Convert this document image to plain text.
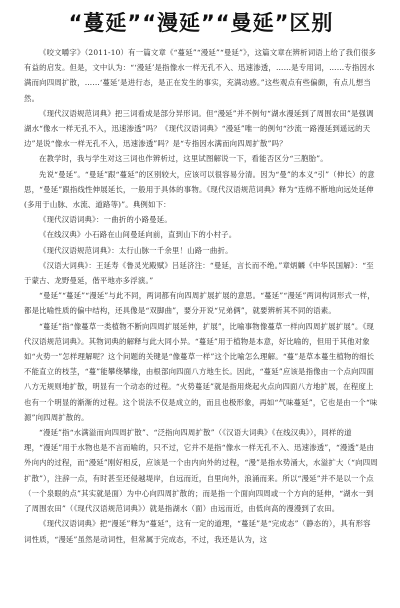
“蔓延”“漫延”“曼延”区别

《咬文嚼字》（2011-10）有一篇文章《“蔓延”“漫延”“曼延”》，这篇文章在辨析词语上给了我们很多有益的启发。但是，文中认为：“‘漫延’是指像水一样无孔不入、迅速渗透，……是专用词，……专指因水满而向四周扩散，……‘蔓延’是进行态，是正在发生的事实，充满动感。”这些观点有些偏颇，有点儿想当然。

《现代汉语规范词典》把三词看成是部分异形词。但“漫延”并不例句“湖水漫延到了周围农田”是强调湖水“像水一样无孔不入，迅速渗透”吗？《现代汉语词典》“漫延”唯一的例句“沙流一路漫延到遥远的天边”是说“像水一样无孔不入，迅速渗透”吗？是“专指因水满而向四周扩散”吗？

在教学时，我与学生对这三词也作辨析过，这里试图解说一下，看能否区分“三胞胎”。

先说“曼延”。“曼延”跟“蔓延”的区别较大，应该可以很容易分清。因为“曼”的本义“引”（伸长）的意思，“曼延”跟指线性伸展延长，一般用于具体的事物。《现代汉语规范词典》释为“连绵不断地向远处延伸(多用于山脉、水流、道路等)”。典例如下：

《现代汉语词典》：一曲折的小路曼延。

《在线汉典》小石路在山间曼延向前，直到山下的小村子。

《现代汉语规范词典》：太行山脉一千余里！山路一曲折。

《汉语大词典》：王延寿《鲁灵光殿赋》吕延济注：“曼延，言长而不绝。”章炳麟《中华民国解》：“至于蒙古、龙野曼延，偕平地亦多浮演。”

“曼延”“蔓延”“漫延”与此不同，两词都有向四周扩展扩展的意思。“蔓延”“漫延”两词构词形式一样，都是比喻性质的偏中结构，还具像是“双脚曲”，要分开说“兄弟俩”，就要辨析其不同的语素。

“蔓延”指“像蔓草一类植物不断向四周扩展延伸，扩展”，比喻事物像蔓草一样向四周扩展扩展”。《现代汉语规范词典》。其物词典的解释与此大同小异。“蔓延”用于植物是本意，好比喻的，但用于其他对象如“火势一”怎样理解呢？这个问题的关键是“像蔓草一样”这个比喻怎么理解。“蔓”是草本蔓生植物的细长不能直立的枝茎，“蔓”能攀绕攀缘，由根部向四面八方地生长。因此，“蔓延”应该是指像由一个点向四面八方无规则地扩散，明显有一个动态的过程。“火势蔓延”就是指用烧起火点向四面八方地扩展，在程度上也有一个明显的渐渐的过程。这个说法不仅是成立的，而且也极形象，再如“气味蔓延”，它也是由一个“味源”向四周扩散的。

“漫延”指“水满溢而向四周扩散”、“泛指向四周扩散”（《汉语大词典》《在线汉典》），同样的道理，“漫延”用于水物也是不言而喻的，只不过，它并不是指“像水一样无孔不入、迅速渗透”，“漫透”是由外向内的过程，而“漫延”刚好相反，应该是一个由内向外的过程，“漫”是指水势涌大，水溢扩大（“向四周扩散”），注辞一点，有时甚至还侵越堤岸，自远而近，自里向外，浪涌而来。所以“漫延”并不是以一个点（一个泉眼的点”其实就是面）为中心向四周扩散的；而是指一个面向四周或一个方向的延伸，“湖水一到了周围农田”（《现代汉语规范词典》）就是指湖水（面）由远而近，由低向高的漫漫到了农田。

《现代汉语词典》把“漫延”释为“蔓延”，这有一定的道理，“蔓延”是“完成态”（静态的），具有形容词性质，“漫延”虽然是动词性，但常属于完成态，不过，我还是认为，这
